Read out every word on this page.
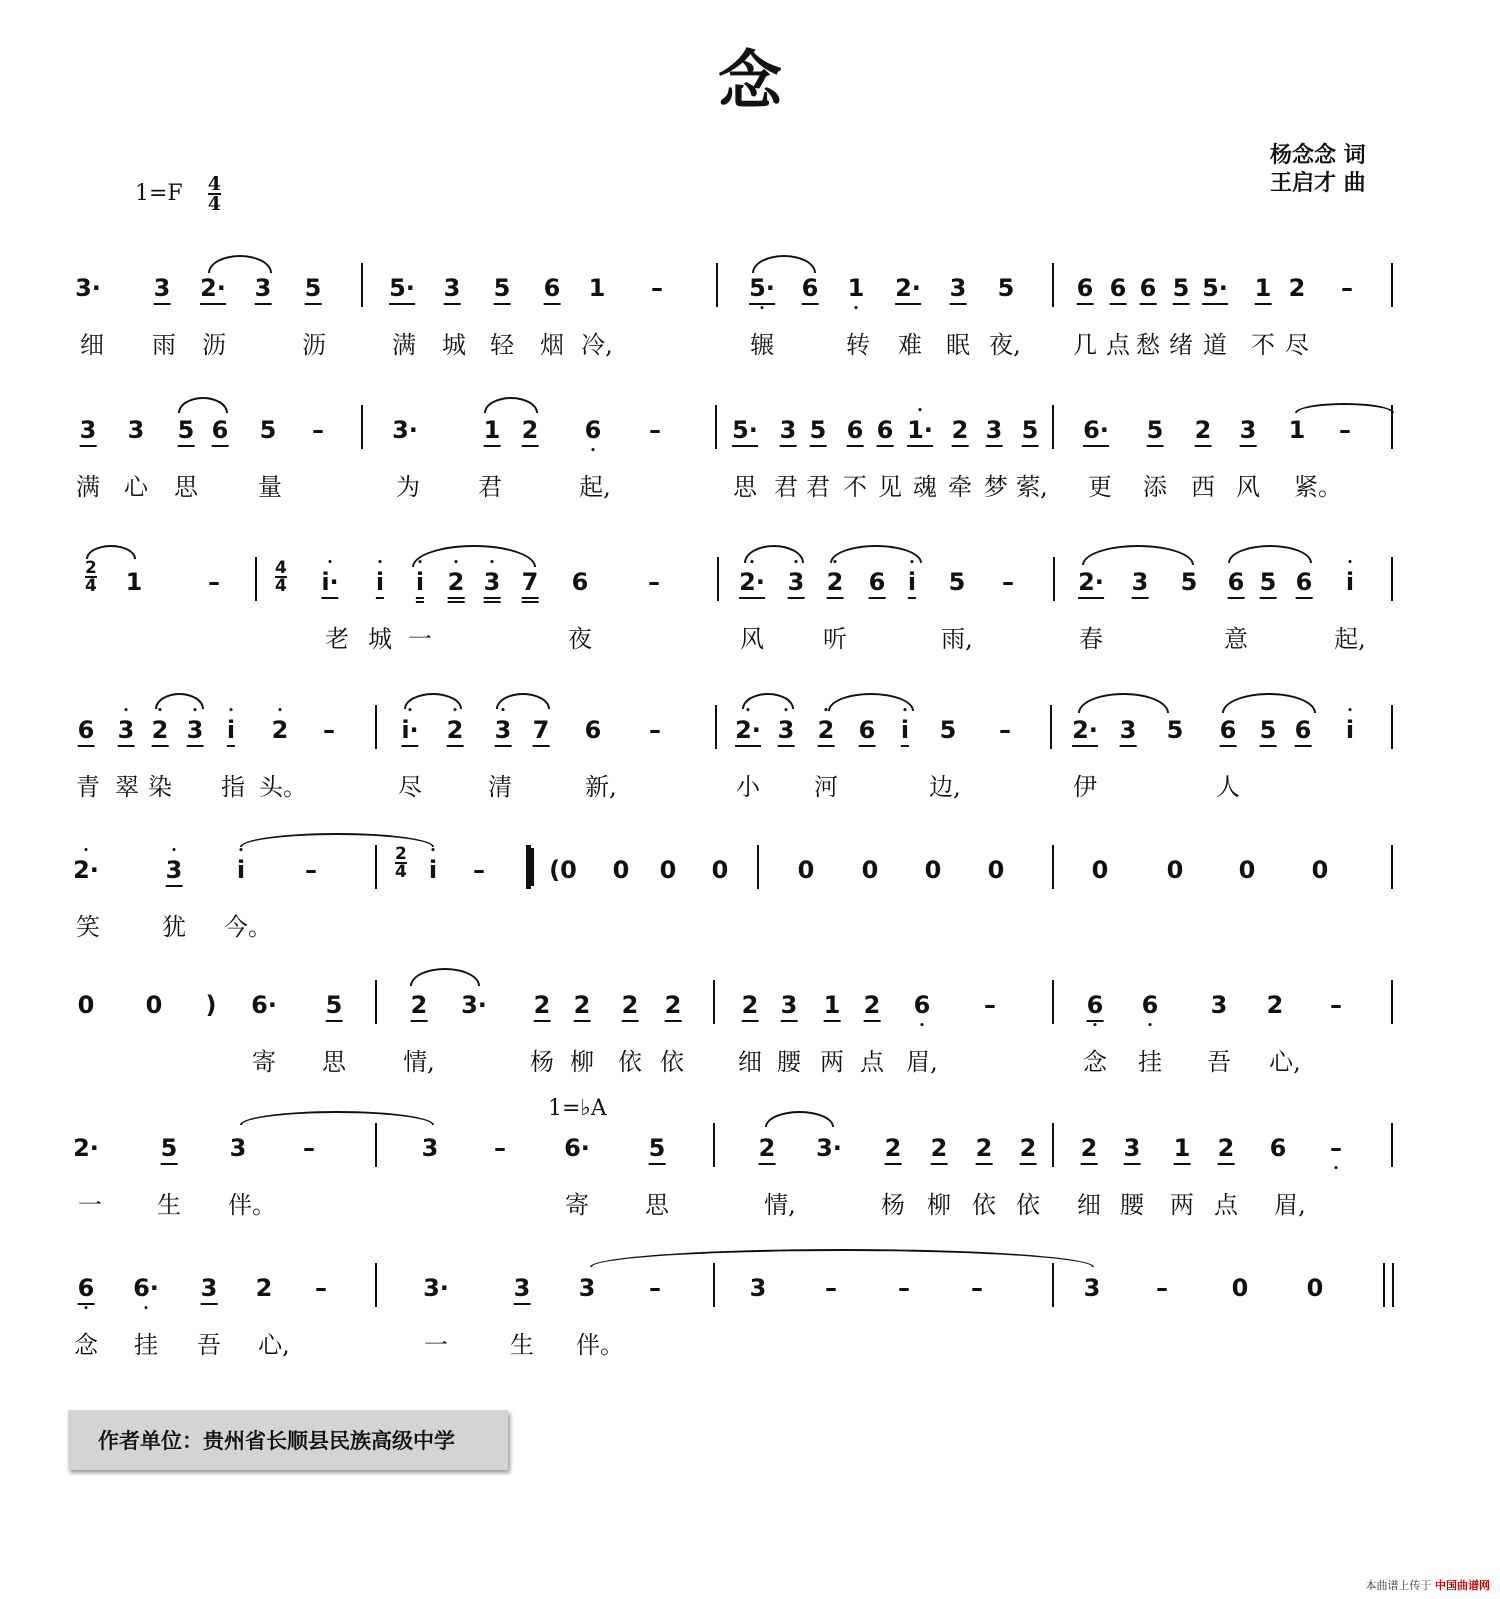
念
杨念念 词
王启才 曲
$1=F \frac{4}{4}$
$\frac{2}{4}$	$\frac{4}{4}$
$\frac{2}{4}$
1=♭A
3· 3 2· 3 5	5· 3 5 6 1 –	5· • 6 1 • 2· 3 5	6 6 6 5 5· 1 2 –
细 雨 沥	沥	满 城 轻 烟 冷,	辗	转 难 眠 夜, 几 点 愁 绪 道 不 尽
3 3 5 6 5 –	3·	1 2 6 • –	5· 3 5 6 6 • 1· 2 3 5 6· 5 2 3 1 –
满 心 思	量	为 君	起,	思 君 君 不 见 魂 牵 梦 萦, 更 添 西 风 紧。
1	–	• i· • i • i • 2 • 3 7 6 –	• 2· • 3 • 2 6 • i 5 –	2· 3 5 6 5 6 • i
老 城 一	夜	风 听	雨,	春	意	起,
6 • 3 • 2 • 3 • i • 2 –	• i· • 2 • 3 7 6 –	• 2· • 3 • 2 6 • i 5 –	2· 3 5 6 5 6 • i
青 翠 染 指 头。	尽	清	新,	小 河	边,	伊	人
• 2·	• 3 • i –	• i –	(0 0 0 0	0 0 0 0	0 0 0 0
笑	犹 今。
0 0 ) 6· 5	2 3· 2 2 2 2	2 3 1 2 6 • –	6 • 6 • 3 2 –
寄 思 情,	杨 柳 依 依 细 腰 两 点 眉,	念 挂 吾 心,
2·	5 3 –	3 – 6· 5	2 3· 2 2 2 2 2 3 1 2 6 – •
一 生 伴。	寄 思	情,	杨 柳 依 依 细 腰 两 点 眉,
6 • 6· • 3 2 –	3·	3 3 –	3 –	–	–	3 –	0 0
念 挂 吾 心,	一	生 伴。
作者单位：贵州省长顺县民族高级中学
本曲谱上传于 中国曲谱网
